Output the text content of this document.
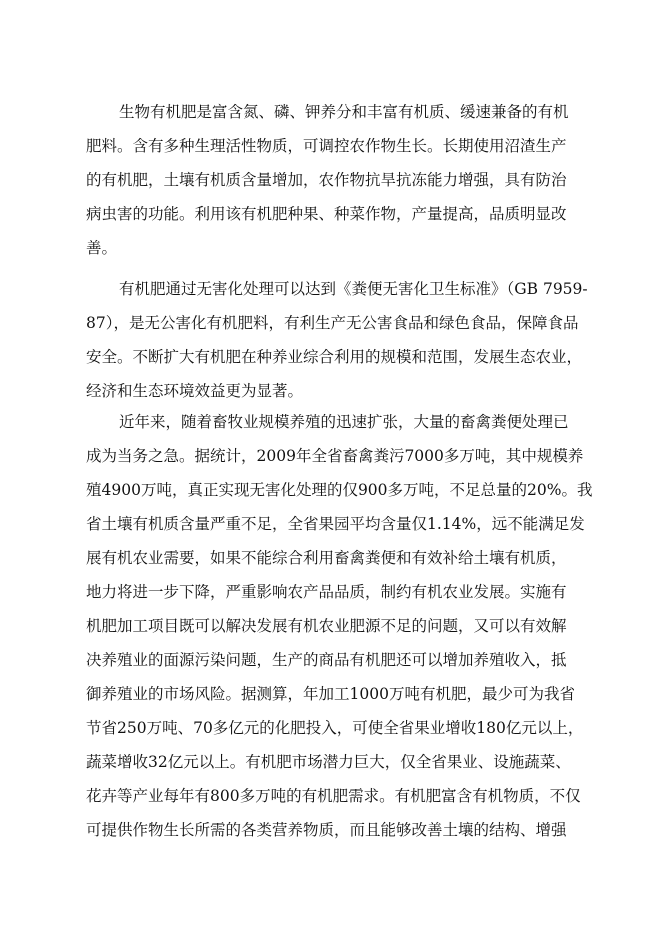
生物有机肥是富含氮、磷、钾养分和丰富有机质、缓速兼备的有机
肥料。含有多种生理活性物质，可调控农作物生长。长期使用沼渣生产
的有机肥，土壤有机质含量增加，农作物抗旱抗冻能力增强，具有防治
病虫害的功能。利用该有机肥种果、种菜作物，产量提高，品质明显改
善。
有机肥通过无害化处理可以达到《粪便无害化卫生标准》（GB 7959-
87），是无公害化有机肥料，有利生产无公害食品和绿色食品，保障食品
安全。不断扩大有机肥在种养业综合利用的规模和范围，发展生态农业，
经济和生态环境效益更为显著。
近年来，随着畜牧业规模养殖的迅速扩张，大量的畜禽粪便处理已
成为当务之急。据统计，2009年全省畜禽粪污7000多万吨，其中规模养
殖4900万吨，真正实现无害化处理的仅900多万吨，不足总量的20%。我
省土壤有机质含量严重不足，全省果园平均含量仅1.14%，远不能满足发
展有机农业需要，如果不能综合利用畜禽粪便和有效补给土壤有机质，
地力将进一步下降，严重影响农产品品质，制约有机农业发展。实施有
机肥加工项目既可以解决发展有机农业肥源不足的问题，又可以有效解
决养殖业的面源污染问题，生产的商品有机肥还可以增加养殖收入，抵
御养殖业的市场风险。据测算，年加工1000万吨有机肥，最少可为我省
节省250万吨、70多亿元的化肥投入，可使全省果业增收180亿元以上，
蔬菜增收32亿元以上。有机肥市场潜力巨大，仅全省果业、设施蔬菜、
花卉等产业每年有800多万吨的有机肥需求。有机肥富含有机物质，不仅
可提供作物生长所需的各类营养物质，而且能够改善土壤的结构、增强
